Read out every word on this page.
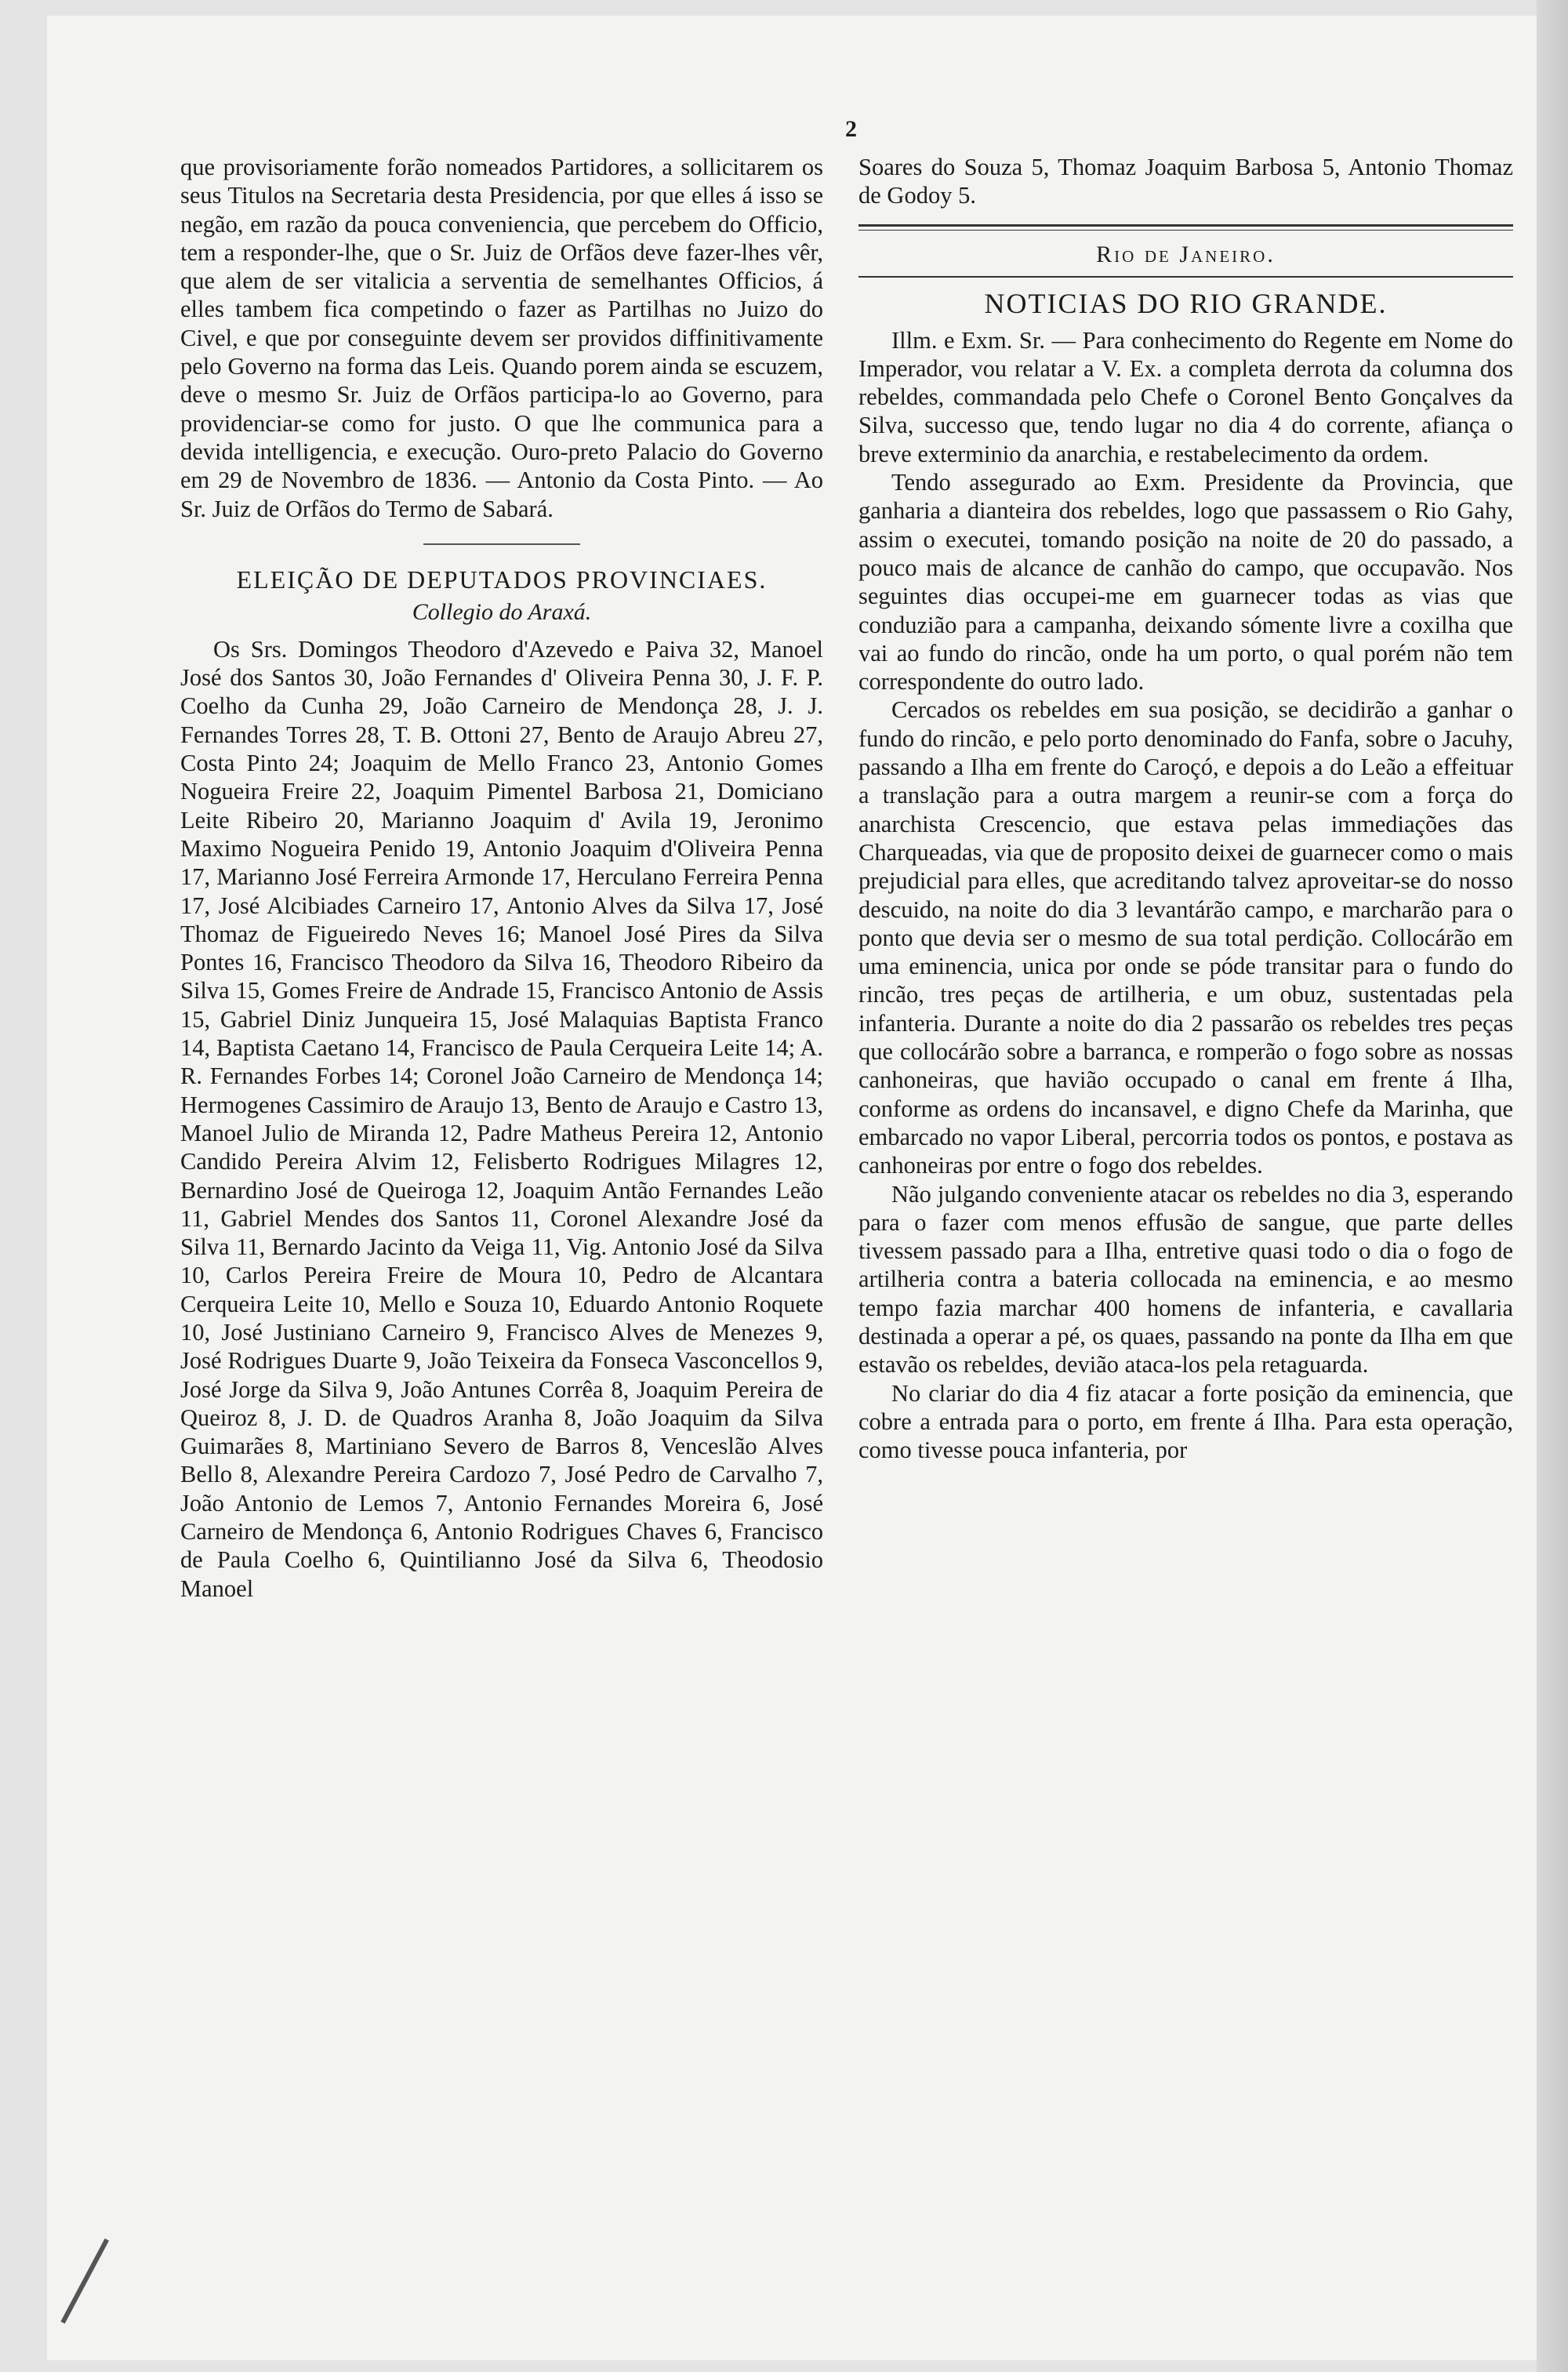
2

que provisoriamente forão nomeados Partidores, a sollicitarem os seus Titulos na Secretaria desta Presidencia, por que elles á isso se negão, em razão da pouca conveniencia, que percebem do Officio, tem a responder-lhe, que o Sr. Juiz de Orfãos deve fazer-lhes vêr, que alem de ser vitalicia a serventia de semelhantes Officios, á elles tambem fica competindo o fazer as Partilhas no Juizo do Civel, e que por conseguinte devem ser providos diffinitivamente pelo Governo na forma das Leis. Quando porem ainda se escuzem, deve o mesmo Sr. Juiz de Orfãos participa-lo ao Governo, para providenciar-se como for justo. O que lhe communica para a devida intelligencia, e execução. Ouro-preto Palacio do Governo em 29 de Novembro de 1836. — Antonio da Costa Pinto. — Ao Sr. Juiz de Orfãos do Termo de Sabará.

ELEIÇÃO DE DEPUTADOS PROVINCIAES.
Collegio do Araxá.

Os Srs. Domingos Theodoro d'Azevedo e Paiva 32, Manoel José dos Santos 30, João Fernandes d' Oliveira Penna 30, J. F. P. Coelho da Cunha 29, João Carneiro de Mendonça 28, J. J. Fernandes Torres 28, T. B. Ottoni 27, Bento de Araujo Abreu 27, Costa Pinto 24; Joaquim de Mello Franco 23, Antonio Gomes Nogueira Freire 22, Joaquim Pimentel Barbosa 21, Domiciano Leite Ribeiro 20, Marianno Joaquim d' Avila 19, Jeronimo Maximo Nogueira Penido 19, Antonio Joaquim d'Oliveira Penna 17, Marianno José Ferreira Armonde 17, Herculano Ferreira Penna 17, José Alcibiades Carneiro 17, Antonio Alves da Silva 17, José Thomaz de Figueiredo Neves 16; Manoel José Pires da Silva Pontes 16, Francisco Theodoro da Silva 16, Theodoro Ribeiro da Silva 15, Gomes Freire de Andrade 15, Francisco Antonio de Assis 15, Gabriel Diniz Junqueira 15, José Malaquias Baptista Franco 14, Baptista Caetano 14, Francisco de Paula Cerqueira Leite 14; A. R. Fernandes Forbes 14; Coronel João Carneiro de Mendonça 14; Hermogenes Cassimiro de Araujo 13, Bento de Araujo e Castro 13, Manoel Julio de Miranda 12, Padre Matheus Pereira 12, Antonio Candido Pereira Alvim 12, Felisberto Rodrigues Milagres 12, Bernardino José de Queiroga 12, Joaquim Antão Fernandes Leão 11, Gabriel Mendes dos Santos 11, Coronel Alexandre José da Silva 11, Bernardo Jacinto da Veiga 11, Vig. Antonio José da Silva 10, Carlos Pereira Freire de Moura 10, Pedro de Alcantara Cerqueira Leite 10, Mello e Souza 10, Eduardo Antonio Roquete 10, José Justiniano Carneiro 9, Francisco Alves de Menezes 9, José Rodrigues Duarte 9, João Teixeira da Fonseca Vasconcellos 9, José Jorge da Silva 9, João Antunes Corrêa 8, Joaquim Pereira de Queiroz 8, J. D. de Quadros Aranha 8, João Joaquim da Silva Guimarães 8, Martiniano Severo de Barros 8, Venceslão Alves Bello 8, Alexandre Pereira Cardozo 7, José Pedro de Carvalho 7, João Antonio de Lemos 7, Antonio Fernandes Moreira 6, José Carneiro de Mendonça 6, Antonio Rodrigues Chaves 6, Francisco de Paula Coelho 6, Quintilianno José da Silva 6, Theodosio Manoel

Soares do Souza 5, Thomaz Joaquim Barbosa 5, Antonio Thomaz de Godoy 5.

Rio de Janeiro.
NOTICIAS DO RIO GRANDE.

Illm. e Exm. Sr. — Para conhecimento do Regente em Nome do Imperador, vou relatar a V. Ex. a completa derrota da columna dos rebeldes, commandada pelo Chefe o Coronel Bento Gonçalves da Silva, successo que, tendo lugar no dia 4 do corrente, afiança o breve exterminio da anarchia, e restabelecimento da ordem.

Tendo assegurado ao Exm. Presidente da Provincia, que ganharia a dianteira dos rebeldes, logo que passassem o Rio Gahy, assim o executei, tomando posição na noite de 20 do passado, a pouco mais de alcance de canhão do campo, que occupavão. Nos seguintes dias occupei-me em guarnecer todas as vias que conduzião para a campanha, deixando sómente livre a coxilha que vai ao fundo do rincão, onde ha um porto, o qual porém não tem correspondente do outro lado.

Cercados os rebeldes em sua posição, se decidirão a ganhar o fundo do rincão, e pelo porto denominado do Fanfa, sobre o Jacuhy, passando a Ilha em frente do Caroçó, e depois a do Leão a effeituar a translação para a outra margem a reunir-se com a força do anarchista Crescencio, que estava pelas immediações das Charqueadas, via que de proposito deixei de guarnecer como o mais prejudicial para elles, que acreditando talvez aproveitar-se do nosso descuido, na noite do dia 3 levantárão campo, e marcharão para o ponto que devia ser o mesmo de sua total perdição. Collocárão em uma eminencia, unica por onde se póde transitar para o fundo do rincão, tres peças de artilheria, e um obuz, sustentadas pela infanteria. Durante a noite do dia 2 passarão os rebeldes tres peças que collocárão sobre a barranca, e romperão o fogo sobre as nossas canhoneiras, que havião occupado o canal em frente á Ilha, conforme as ordens do incansavel, e digno Chefe da Marinha, que embarcado no vapor Liberal, percorria todos os pontos, e postava as canhoneiras por entre o fogo dos rebeldes.

Não julgando conveniente atacar os rebeldes no dia 3, esperando para o fazer com menos effusão de sangue, que parte delles tivessem passado para a Ilha, entretive quasi todo o dia o fogo de artilheria contra a bateria collocada na eminencia, e ao mesmo tempo fazia marchar 400 homens de infanteria, e cavallaria destinada a operar a pé, os quaes, passando na ponte da Ilha em que estavão os rebeldes, devião ataca-los pela retaguarda.

No clariar do dia 4 fiz atacar a forte posição da eminencia, que cobre a entrada para o porto, em frente á Ilha. Para esta operação, como tivesse pouca infanteria, por
